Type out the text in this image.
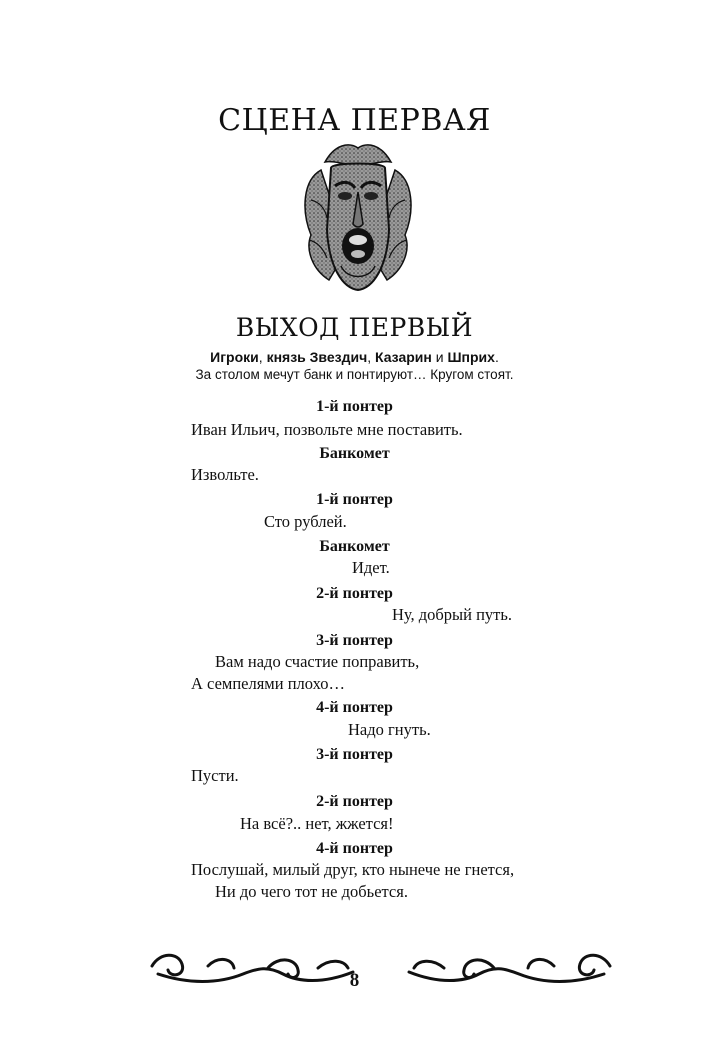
СЦЕНА ПЕРВАЯ
ВЫХОД ПЕРВЫЙ
Игроки, князь Звездич, Казарин и Шприх.
За столом мечут банк и понтируют… Кругом стоят.
1-й понтер
Иван Ильич, позвольте мне поставить.
Банкомет
Извольте.
1-й понтер
Сто рублей.
Банкомет
Идет.
2-й понтер
Ну, добрый путь.
3-й понтер
Вам надо счастие поправить,
А семпелями плохо…
4-й понтер
Надо гнуть.
3-й понтер
Пусти.
2-й понтер
На всё?.. нет, жжется!
4-й понтер
Послушай, милый друг, кто нынече не гнется,
Ни до чего тот не добьется.
8
